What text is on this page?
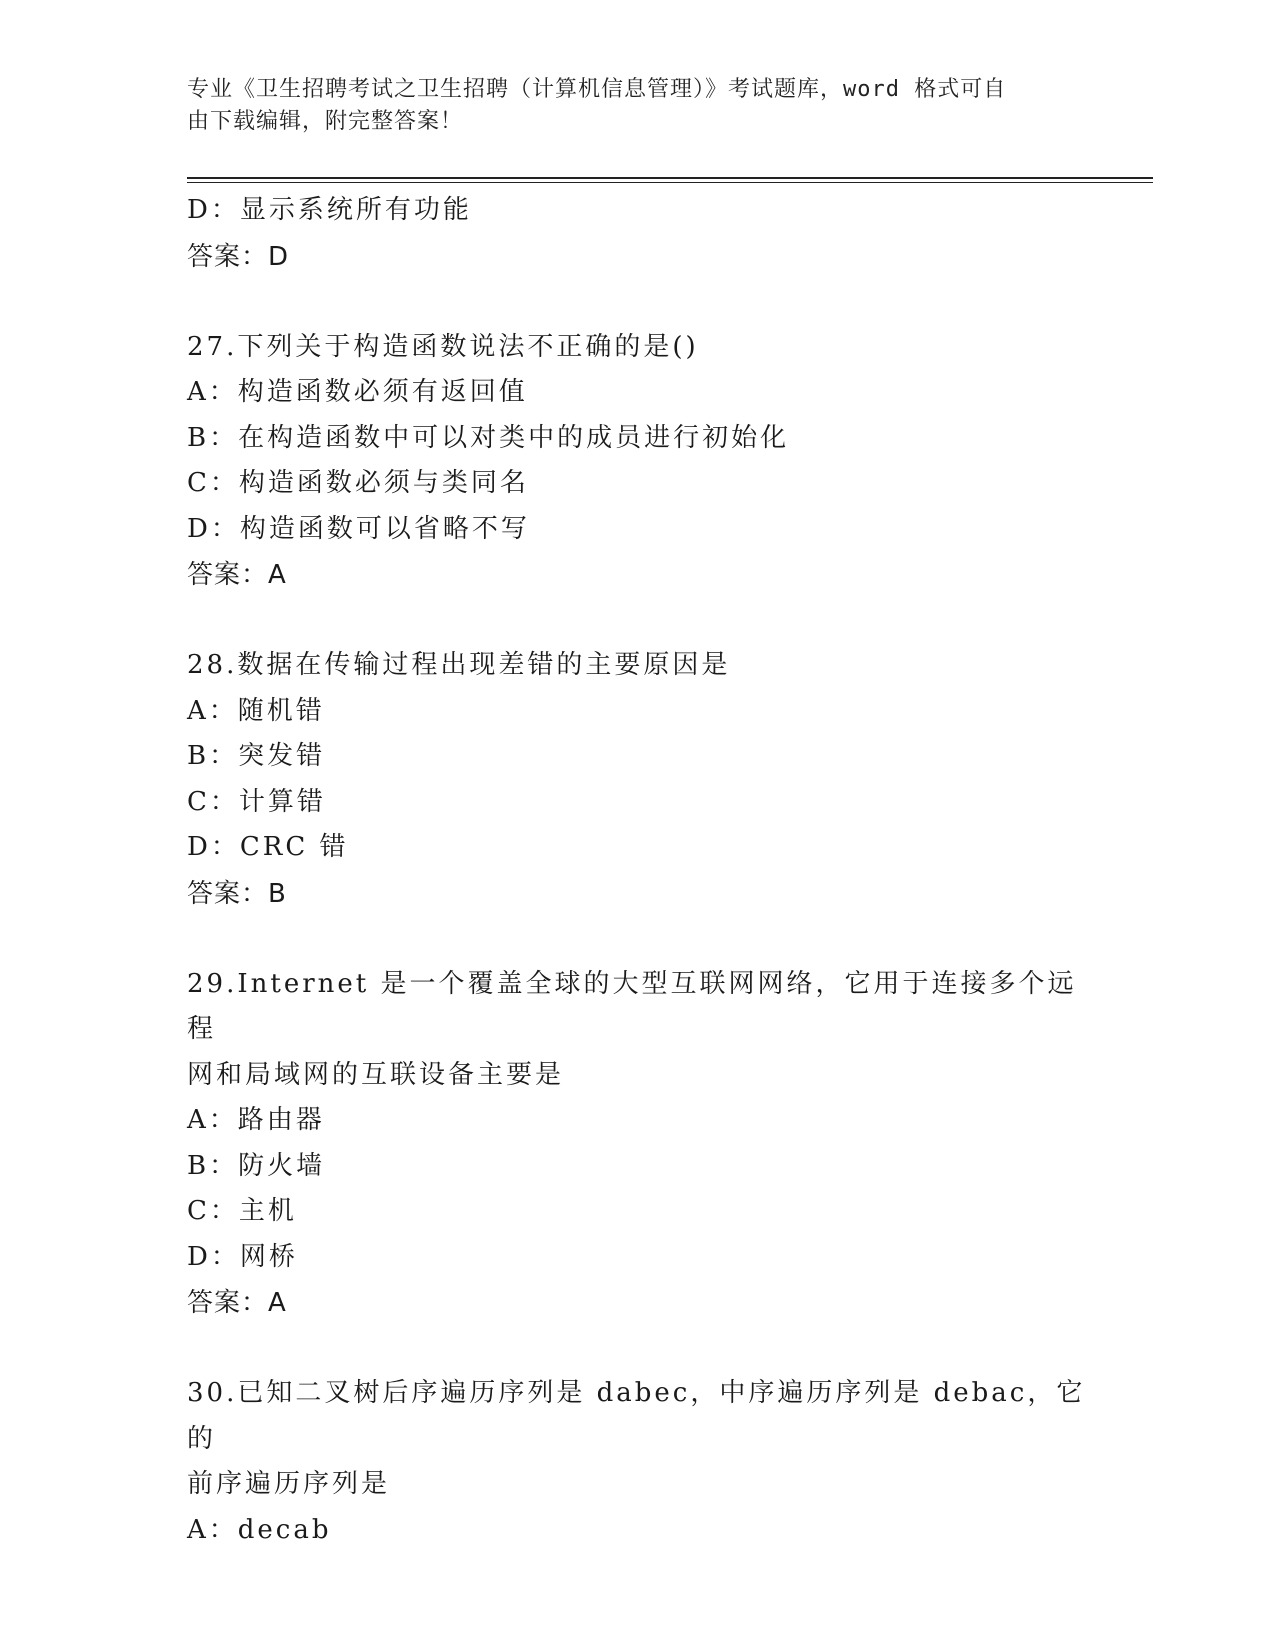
专业《卫生招聘考试之卫生招聘（计算机信息管理）》考试题库，word 格式可自
由下载编辑，附完整答案！
D：显示系统所有功能
答案：D
27.下列关于构造函数说法不正确的是()
A：构造函数必须有返回值
B：在构造函数中可以对类中的成员进行初始化
C：构造函数必须与类同名
D：构造函数可以省略不写
答案：A
28.数据在传输过程出现差错的主要原因是
A：随机错
B：突发错
C：计算错
D：CRC 错
答案：B
29.Internet 是一个覆盖全球的大型互联网网络，它用于连接多个远程
网和局域网的互联设备主要是
A：路由器
B：防火墙
C：主机
D：网桥
答案：A
30.已知二叉树后序遍历序列是 dabec，中序遍历序列是 debac，它的
前序遍历序列是
A：decab
